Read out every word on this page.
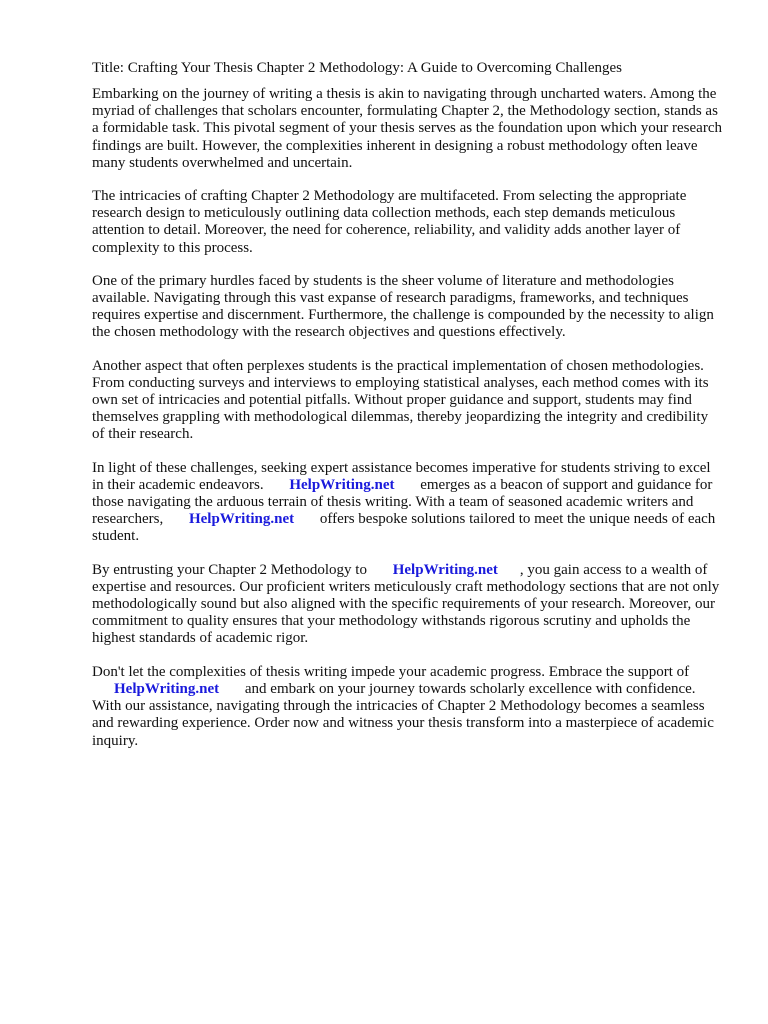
Title: Crafting Your Thesis Chapter 2 Methodology: A Guide to Overcoming Challenges

Embarking on the journey of writing a thesis is akin to navigating through uncharted waters. Among the myriad of challenges that scholars encounter, formulating Chapter 2, the Methodology section, stands as a formidable task. This pivotal segment of your thesis serves as the foundation upon which your research findings are built. However, the complexities inherent in designing a robust methodology often leave many students overwhelmed and uncertain.

The intricacies of crafting Chapter 2 Methodology are multifaceted. From selecting the appropriate research design to meticulously outlining data collection methods, each step demands meticulous attention to detail. Moreover, the need for coherence, reliability, and validity adds another layer of complexity to this process.

One of the primary hurdles faced by students is the sheer volume of literature and methodologies available. Navigating through this vast expanse of research paradigms, frameworks, and techniques requires expertise and discernment. Furthermore, the challenge is compounded by the necessity to align the chosen methodology with the research objectives and questions effectively.

Another aspect that often perplexes students is the practical implementation of chosen methodologies. From conducting surveys and interviews to employing statistical analyses, each method comes with its own set of intricacies and potential pitfalls. Without proper guidance and support, students may find themselves grappling with methodological dilemmas, thereby jeopardizing the integrity and credibility of their research.

In light of these challenges, seeking expert assistance becomes imperative for students striving to excel in their academic endeavors. HelpWriting.net emerges as a beacon of support and guidance for those navigating the arduous terrain of thesis writing. With a team of seasoned academic writers and researchers, HelpWriting.net offers bespoke solutions tailored to meet the unique needs of each student.

By entrusting your Chapter 2 Methodology to HelpWriting.net , you gain access to a wealth of expertise and resources. Our proficient writers meticulously craft methodology sections that are not only methodologically sound but also aligned with the specific requirements of your research. Moreover, our commitment to quality ensures that your methodology withstands rigorous scrutiny and upholds the highest standards of academic rigor.

Don't let the complexities of thesis writing impede your academic progress. Embrace the support of HelpWriting.net and embark on your journey towards scholarly excellence with confidence. With our assistance, navigating through the intricacies of Chapter 2 Methodology becomes a seamless and rewarding experience. Order now and witness your thesis transform into a masterpiece of academic inquiry.
